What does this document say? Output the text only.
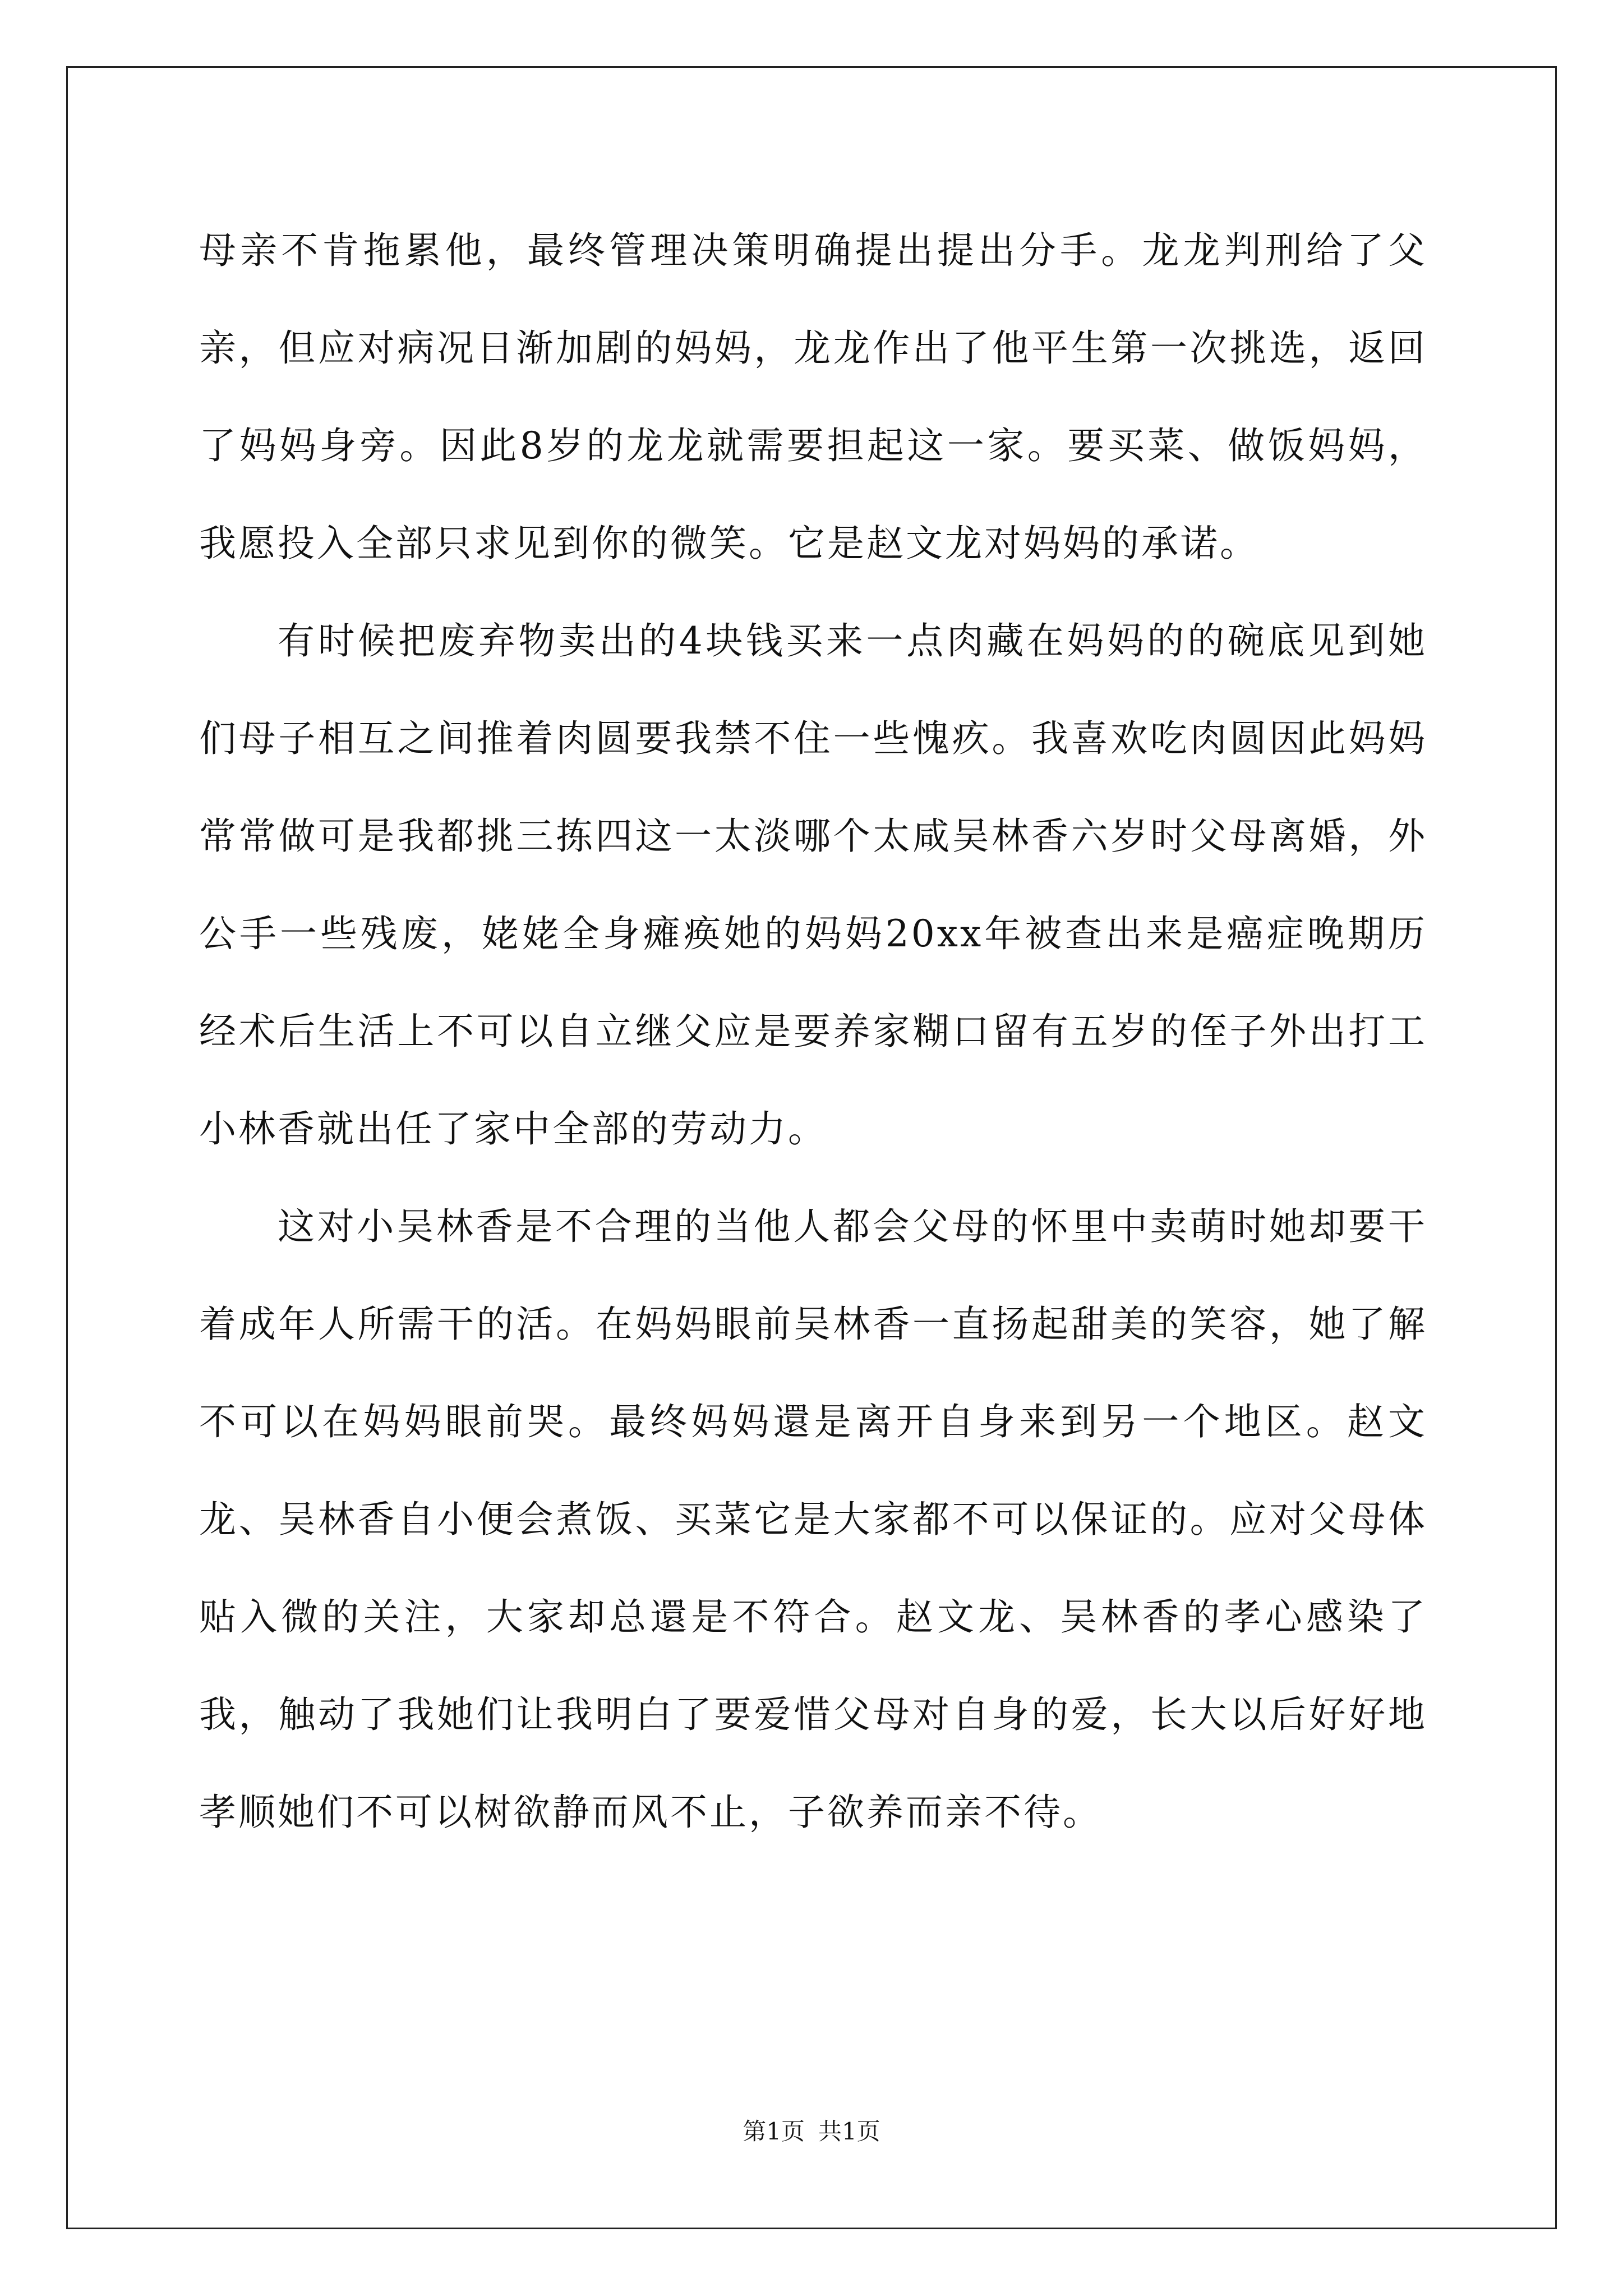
母亲不肯拖累他，最终管理决策明确提出提出分手。龙龙判刑给了父亲，但应对病况日渐加剧的妈妈，龙龙作出了他平生第一次挑选，返回了妈妈身旁。因此8岁的龙龙就需要担起这一家。要买菜、做饭妈妈，我愿投入全部只求见到你的微笑。它是赵文龙对妈妈的承诺。

有时候把废弃物卖出的4块钱买来一点肉藏在妈妈的的碗底见到她们母子相互之间推着肉圆要我禁不住一些愧疚。我喜欢吃肉圆因此妈妈常常做可是我都挑三拣四这一太淡哪个太咸吴林香六岁时父母离婚，外公手一些残废，姥姥全身瘫痪她的妈妈20xx年被查出来是癌症晚期历经术后生活上不可以自立继父应是要养家糊口留有五岁的侄子外出打工小林香就出任了家中全部的劳动力。

这对小吴林香是不合理的当他人都会父母的怀里中卖萌时她却要干着成年人所需干的活。在妈妈眼前吴林香一直扬起甜美的笑容，她了解不可以在妈妈眼前哭。最终妈妈還是离开自身来到另一个地区。赵文龙、吴林香自小便会煮饭、买菜它是大家都不可以保证的。应对父母体贴入微的关注，大家却总還是不符合。赵文龙、吴林香的孝心感染了我，触动了我她们让我明白了要爱惜父母对自身的爱，长大以后好好地孝顺她们不可以树欲静而风不止，子欲养而亲不待。

第1页 共1页
